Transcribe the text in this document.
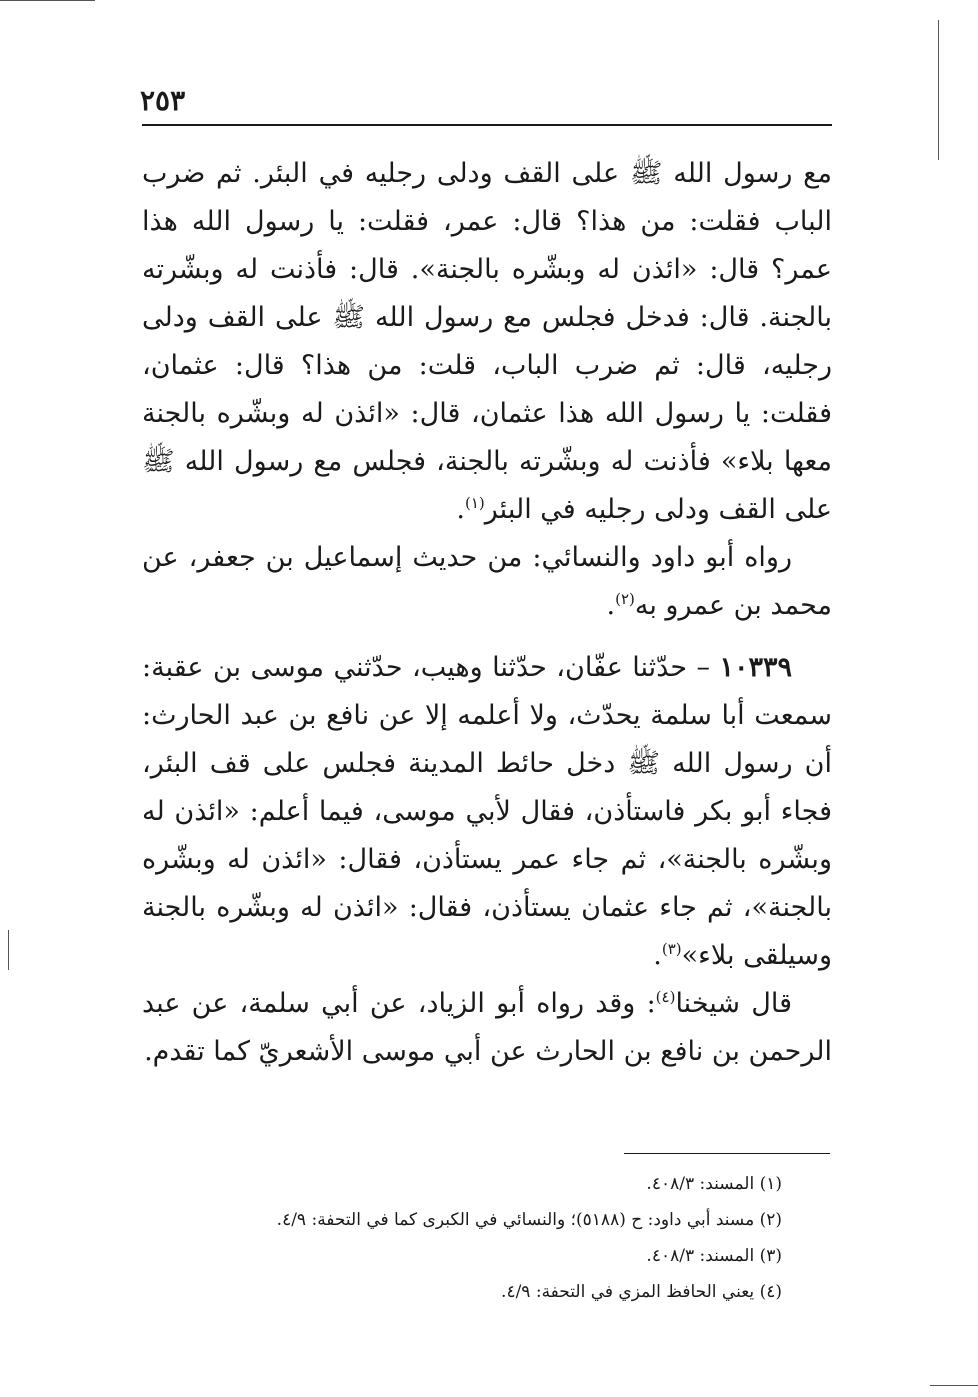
٢٥٣

مع رسول الله ﷺ على القف ودلى رجليه في البئر. ثم ضرب الباب فقلت: من هذا؟ قال: عمر، فقلت: يا رسول الله هذا عمر؟ قال: «ائذن له وبشّره بالجنة». قال: فأذنت له وبشّرته بالجنة. قال: فدخل فجلس مع رسول الله ﷺ على القف ودلى رجليه، قال: ثم ضرب الباب، قلت: من هذا؟ قال: عثمان، فقلت: يا رسول الله هذا عثمان، قال: «ائذن له وبشّره بالجنة معها بلاء» فأذنت له وبشّرته بالجنة، فجلس مع رسول الله ﷺ على القف ودلى رجليه في البئر$^{(١)}$.

رواه أبو داود والنسائي: من حديث إسماعيل بن جعفر، عن محمد بن عمرو به$^{(٢)}$.

١٠٣٣٩ – حدّثنا عفّان، حدّثنا وهيب، حدّثني موسى بن عقبة: سمعت أبا سلمة يحدّث، ولا أعلمه إلا عن نافع بن عبد الحارث: أن رسول الله ﷺ دخل حائط المدينة فجلس على قف البئر، فجاء أبو بكر فاستأذن، فقال لأبي موسى، فيما أعلم: «ائذن له وبشّره بالجنة»، ثم جاء عمر يستأذن، فقال: «ائذن له وبشّره بالجنة»، ثم جاء عثمان يستأذن، فقال: «ائذن له وبشّره بالجنة وسيلقى بلاء»$^{(٣)}$.

قال شيخنا$^{(٤)}$: وقد رواه أبو الزياد، عن أبي سلمة، عن عبد الرحمن بن نافع بن الحارث عن أبي موسى الأشعريّ كما تقدم.

(١) المسند: ٤٠٨/٣.

(٢) مسند أبي داود: ح (٥١٨٨)؛ والنسائي في الكبرى كما في التحفة: ٤/٩.

(٣) المسند: ٤٠٨/٣.

(٤) يعني الحافظ المزي في التحفة: ٤/٩.
